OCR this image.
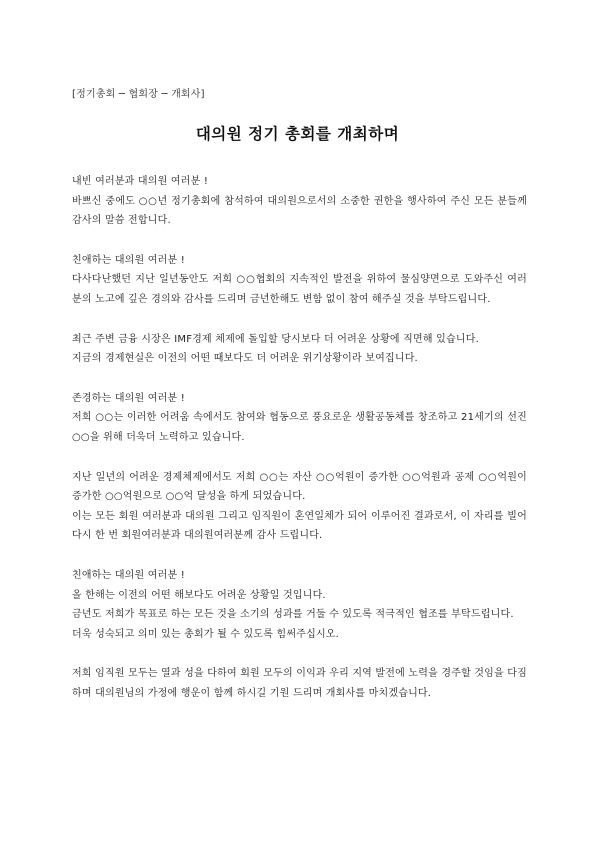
[정기총회 ─ 협회장 ─ 개회사]
대의원 정기 총회를 개최하며
내빈 여러분과 대의원 여러분 !
바쁘신 중에도 ○○년 정기총회에 참석하여 대의원으로서의 소중한 권한을 행사하여 주신 모든 분들께 감사의 말씀 전합니다.
친애하는 대의원 여러분 !
다사다난했던 지난 일년동안도 저희 ○○협회의 지속적인 발전을 위하여 물심양면으로 도와주신 여러분의 노고에 깊은 경의와 감사를 드리며 금년한해도 변함 없이 참여 해주실 것을 부탁드립니다.
최근 주변 금융 시장은 IMF경제 체제에 돌입할 당시보다 더 어려운 상황에 직면해 있습니다.
지금의 경제현실은 이전의 어떤 때보다도 더 어려운 위기상황이라 보여집니다.
존경하는 대의원 여러분 !
저희 ○○는 이러한 어려움 속에서도 참여와 협동으로 풍요로운 생활공동체를 창조하고 21세기의 선진 ○○을 위해 더욱더 노력하고 있습니다.
지난 일년의 어려운 경제체제에서도 저희 ○○는 자산 ○○억원이 증가한 ○○억원과 공제 ○○억원이 증가한 ○○억원으로 ○○억 달성을 하게 되었습니다.
이는 모든 회원 여러분과 대의원 그리고 임직원이 혼연일체가 되어 이루어진 결과로서, 이 자리를 빌어 다시 한 번 회원여러분과 대의원여러분께 감사 드립니다.
친애하는 대의원 여러분 !
올 한해는 이전의 어떤 해보다도 어려운 상황일 것입니다.
금년도 저희가 목표로 하는 모든 것을 소기의 성과를 거둘 수 있도록 적극적인 협조를 부탁드립니다.
더욱 성숙되고 의미 있는 총회가 될 수 있도록 힘써주십시오.
저희 임직원 모두는 열과 성을 다하여 회원 모두의 이익과 우리 지역 발전에 노력을 경주할 것임을 다짐하며 대의원님의 가정에 행운이 함께 하시길 기원 드리며 개회사를 마치겠습니다.
